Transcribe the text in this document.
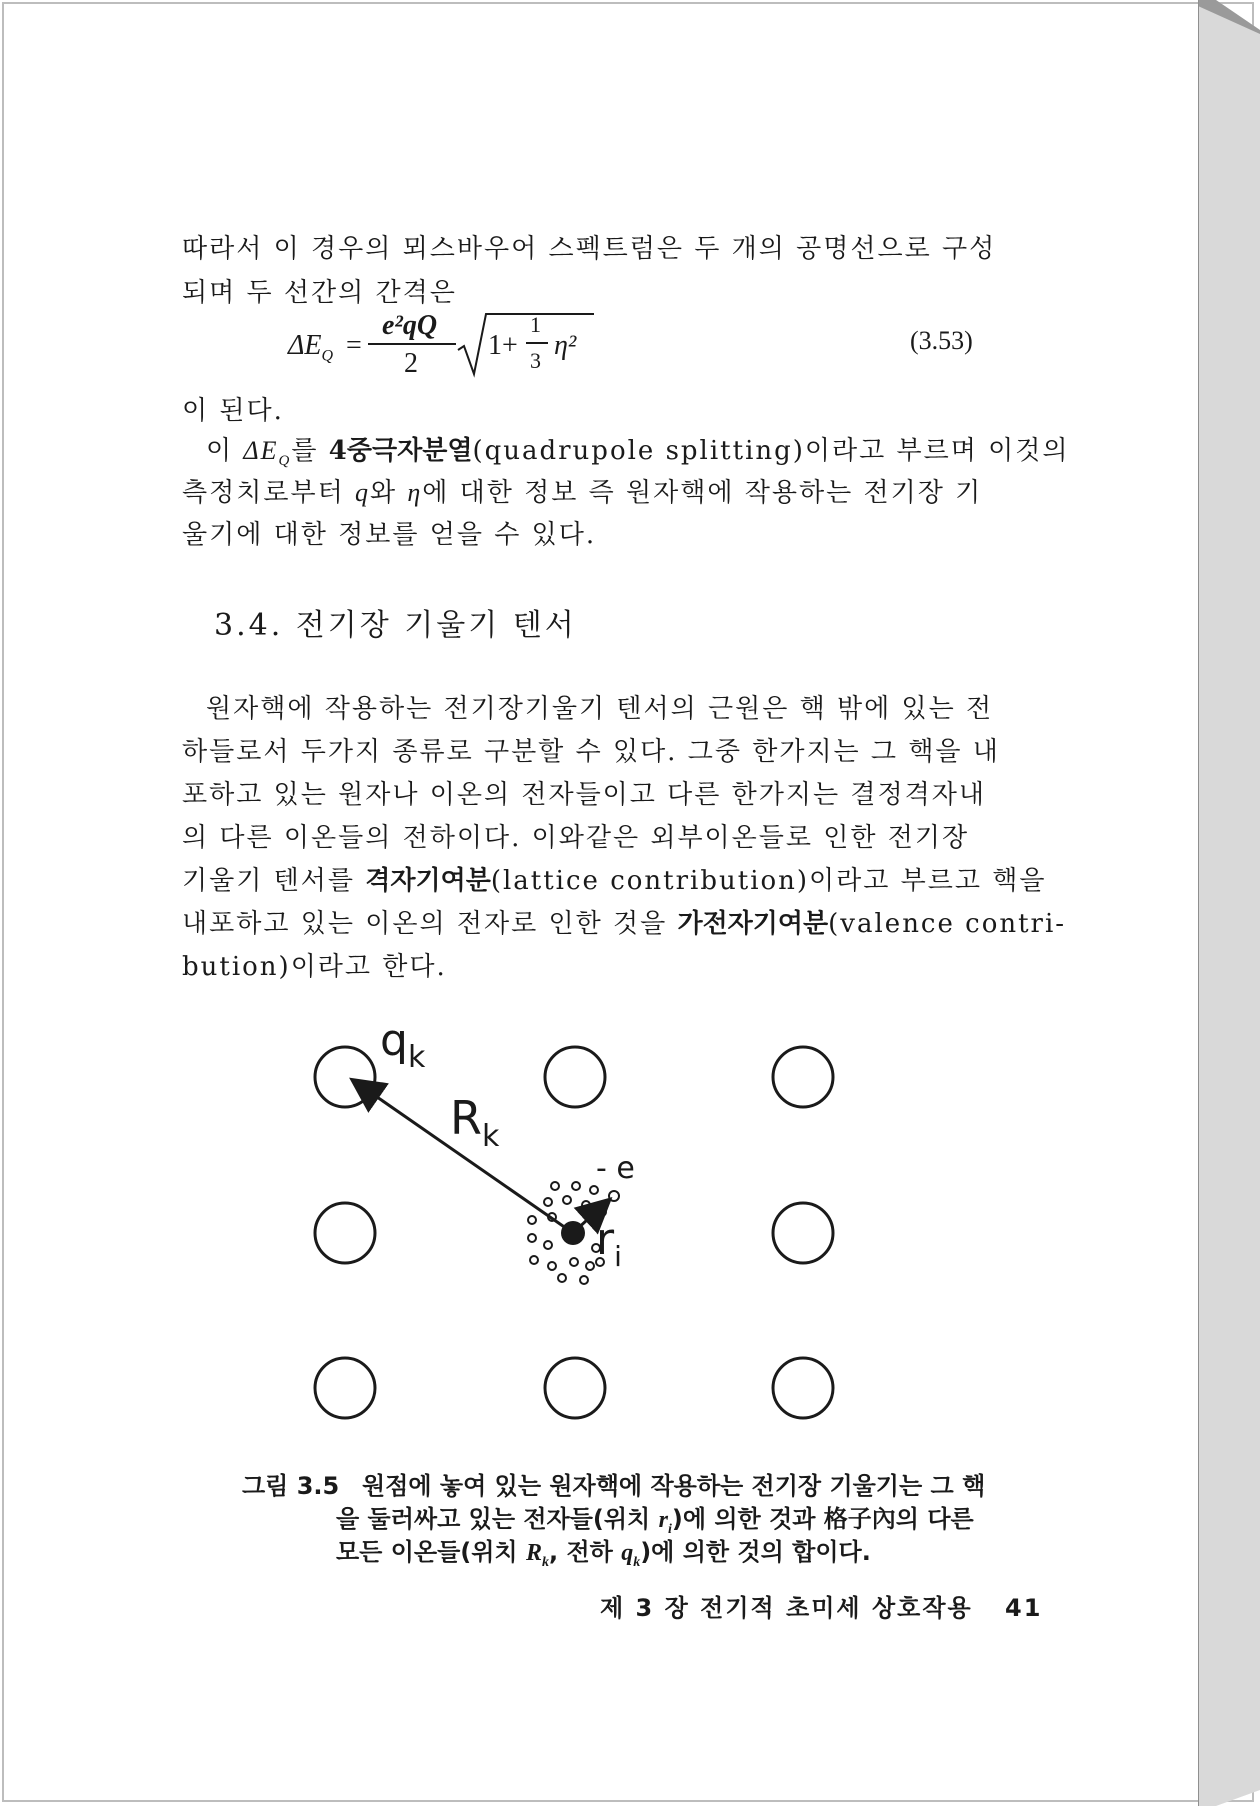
따라서 이 경우의 뫼스바우어 스펙트럼은 두 개의 공명선으로 구성
되며 두 선간의 간격은
$\Delta E_Q$ =
e²qQ
2
1+
1
3 η²	(3.53)
이 된다.
이 $\Delta E_Q$를 4중극자분열(quadrupole splitting)이라고 부르며 이것의
측정치로부터 q와 η에 대한 정보 즉 원자핵에 작용하는 전기장 기
울기에 대한 정보를 얻을 수 있다.
3.4. 전기장 기울기 텐서
원자핵에 작용하는 전기장기울기 텐서의 근원은 핵 밖에 있는 전
하들로서 두가지 종류로 구분할 수 있다. 그중 한가지는 그 핵을 내
포하고 있는 원자나 이온의 전자들이고 다른 한가지는 결정격자내
의 다른 이온들의 전하이다. 이와같은 외부이온들로 인한 전기장
기울기 텐서를 격자기여분(lattice contribution)이라고 부르고 핵을
내포하고 있는 이온의 전자로 인한 것을 가전자기여분(valence contri-
bution)이라고 한다.
$q_k$
$R_k$
- e
$r_i$
그림 3.5 원점에 놓여 있는 원자핵에 작용하는 전기장 기울기는 그 핵
을 둘러싸고 있는 전자들(위치 $r_i$)에 의한 것과 格子內의 다른
모든 이온들(위치 $R_k$, 전하 $q_k$)에 의한 것의 합이다.
제 3 장 전기적 초미세 상호작용 41
